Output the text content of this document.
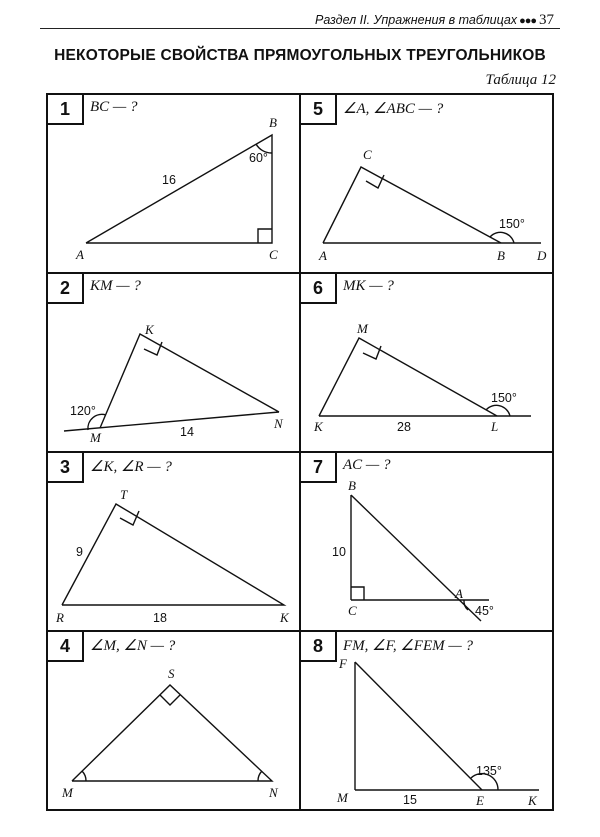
Раздел II. Упражнения в таблицах ●●● 37
НЕКОТОРЫЕ СВОЙСТВА ПРЯМОУГОЛЬНЫХ ТРЕУГОЛЬНИКОВ
Таблица 12
1	BC — ?
B
A	C
16
60°
5	∠A, ∠ABC — ?
C
A	B D
150°
2	KM — ?
K
M
N
14
120°
6	MK — ?
M
K	L
28
150°
3	∠K, ∠R — ?
T
R	K
9
18
7	AC — ?
B
C
A
10
45°
4	∠M, ∠N — ?
S
M	N
8	FM, ∠F, ∠FEM — ?
F
M	E	K
15
135°
